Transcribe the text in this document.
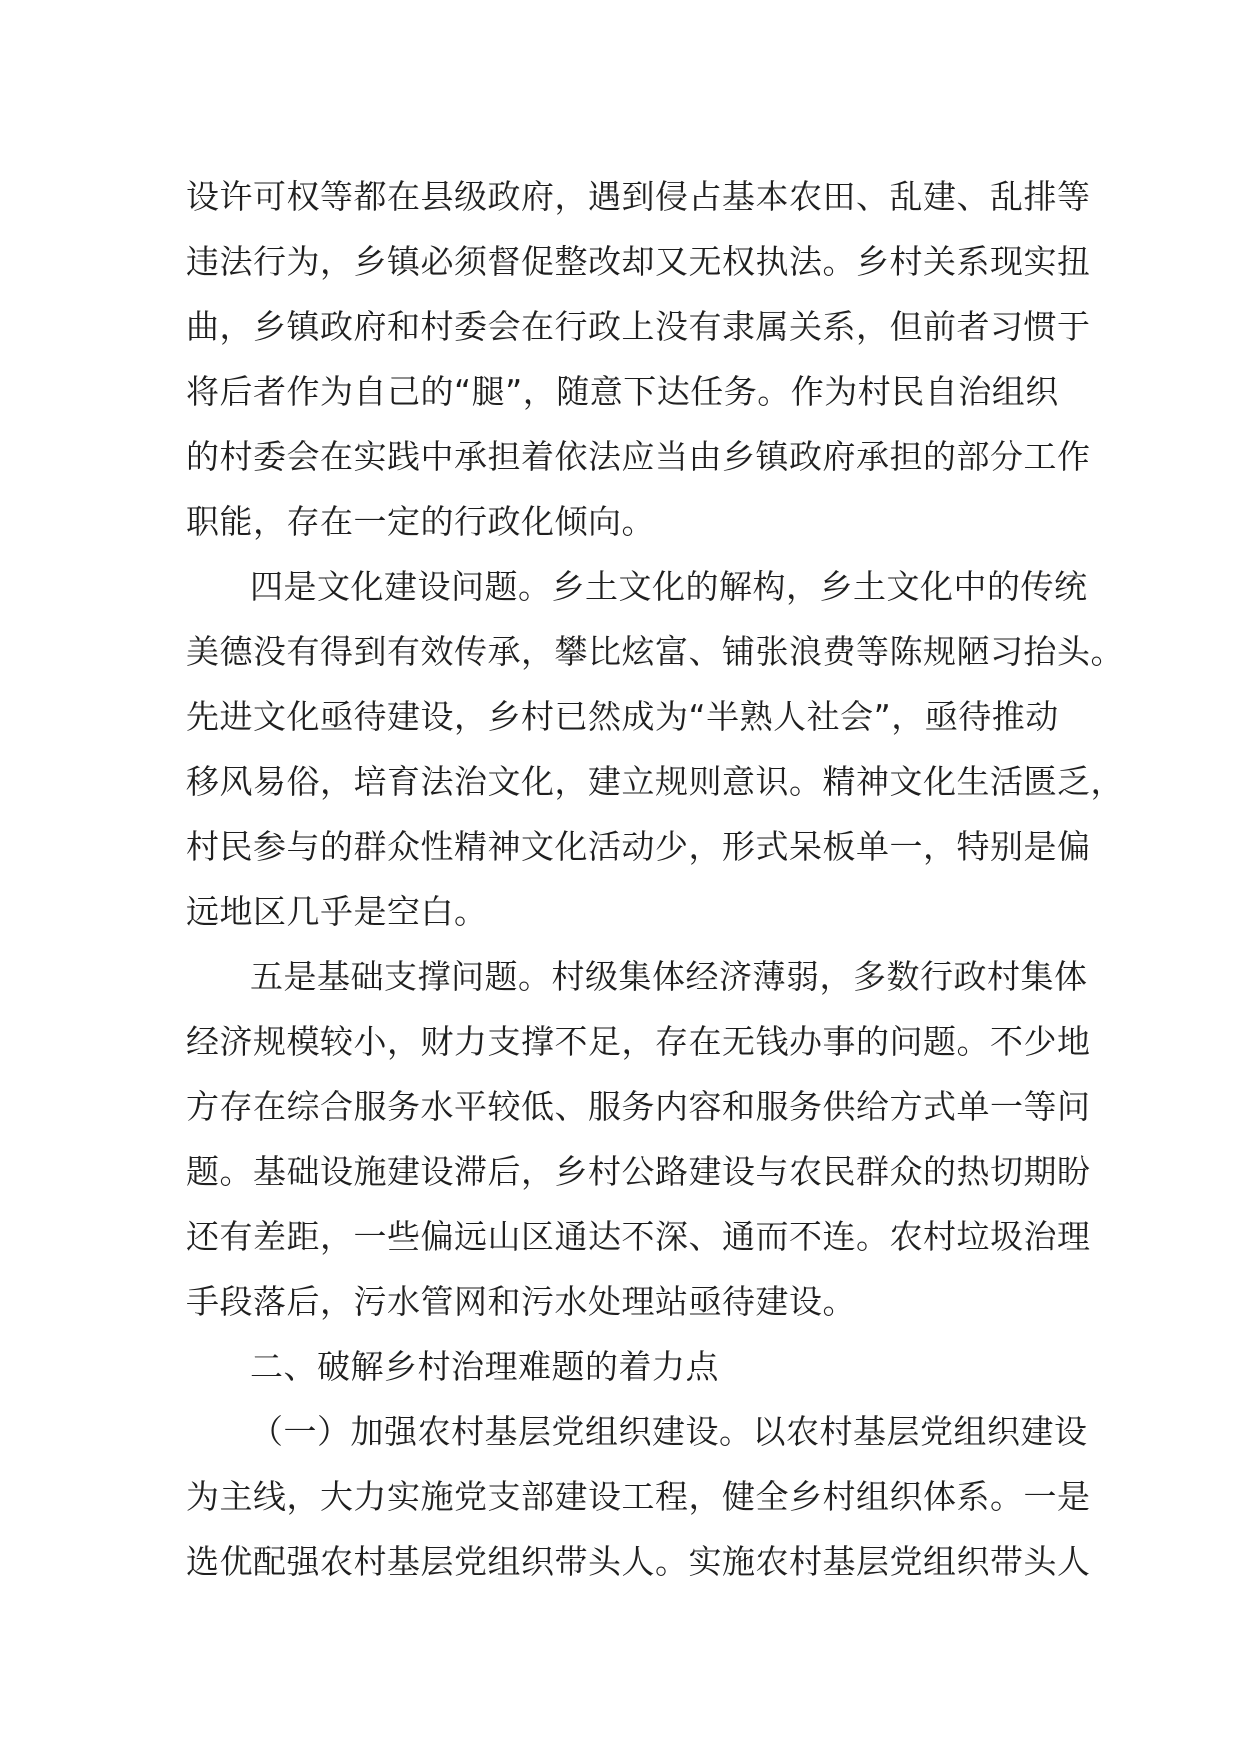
设许可权等都在县级政府，遇到侵占基本农田、乱建、乱排等
违法行为，乡镇必须督促整改却又无权执法。乡村关系现实扭
曲，乡镇政府和村委会在行政上没有隶属关系，但前者习惯于
将后者作为自己的“腿”，随意下达任务。作为村民自治组织
的村委会在实践中承担着依法应当由乡镇政府承担的部分工作
职能，存在一定的行政化倾向。
四是文化建设问题。乡土文化的解构，乡土文化中的传统
美德没有得到有效传承，攀比炫富、铺张浪费等陈规陋习抬头。
先进文化亟待建设，乡村已然成为“半熟人社会”，亟待推动
移风易俗，培育法治文化，建立规则意识。精神文化生活匮乏，
村民参与的群众性精神文化活动少，形式呆板单一，特别是偏
远地区几乎是空白。
五是基础支撑问题。村级集体经济薄弱，多数行政村集体
经济规模较小，财力支撑不足，存在无钱办事的问题。不少地
方存在综合服务水平较低、服务内容和服务供给方式单一等问
题。基础设施建设滞后，乡村公路建设与农民群众的热切期盼
还有差距，一些偏远山区通达不深、通而不连。农村垃圾治理
手段落后，污水管网和污水处理站亟待建设。
二、破解乡村治理难题的着力点
（一）加强农村基层党组织建设。以农村基层党组织建设
为主线，大力实施党支部建设工程，健全乡村组织体系。一是
选优配强农村基层党组织带头人。实施农村基层党组织带头人
